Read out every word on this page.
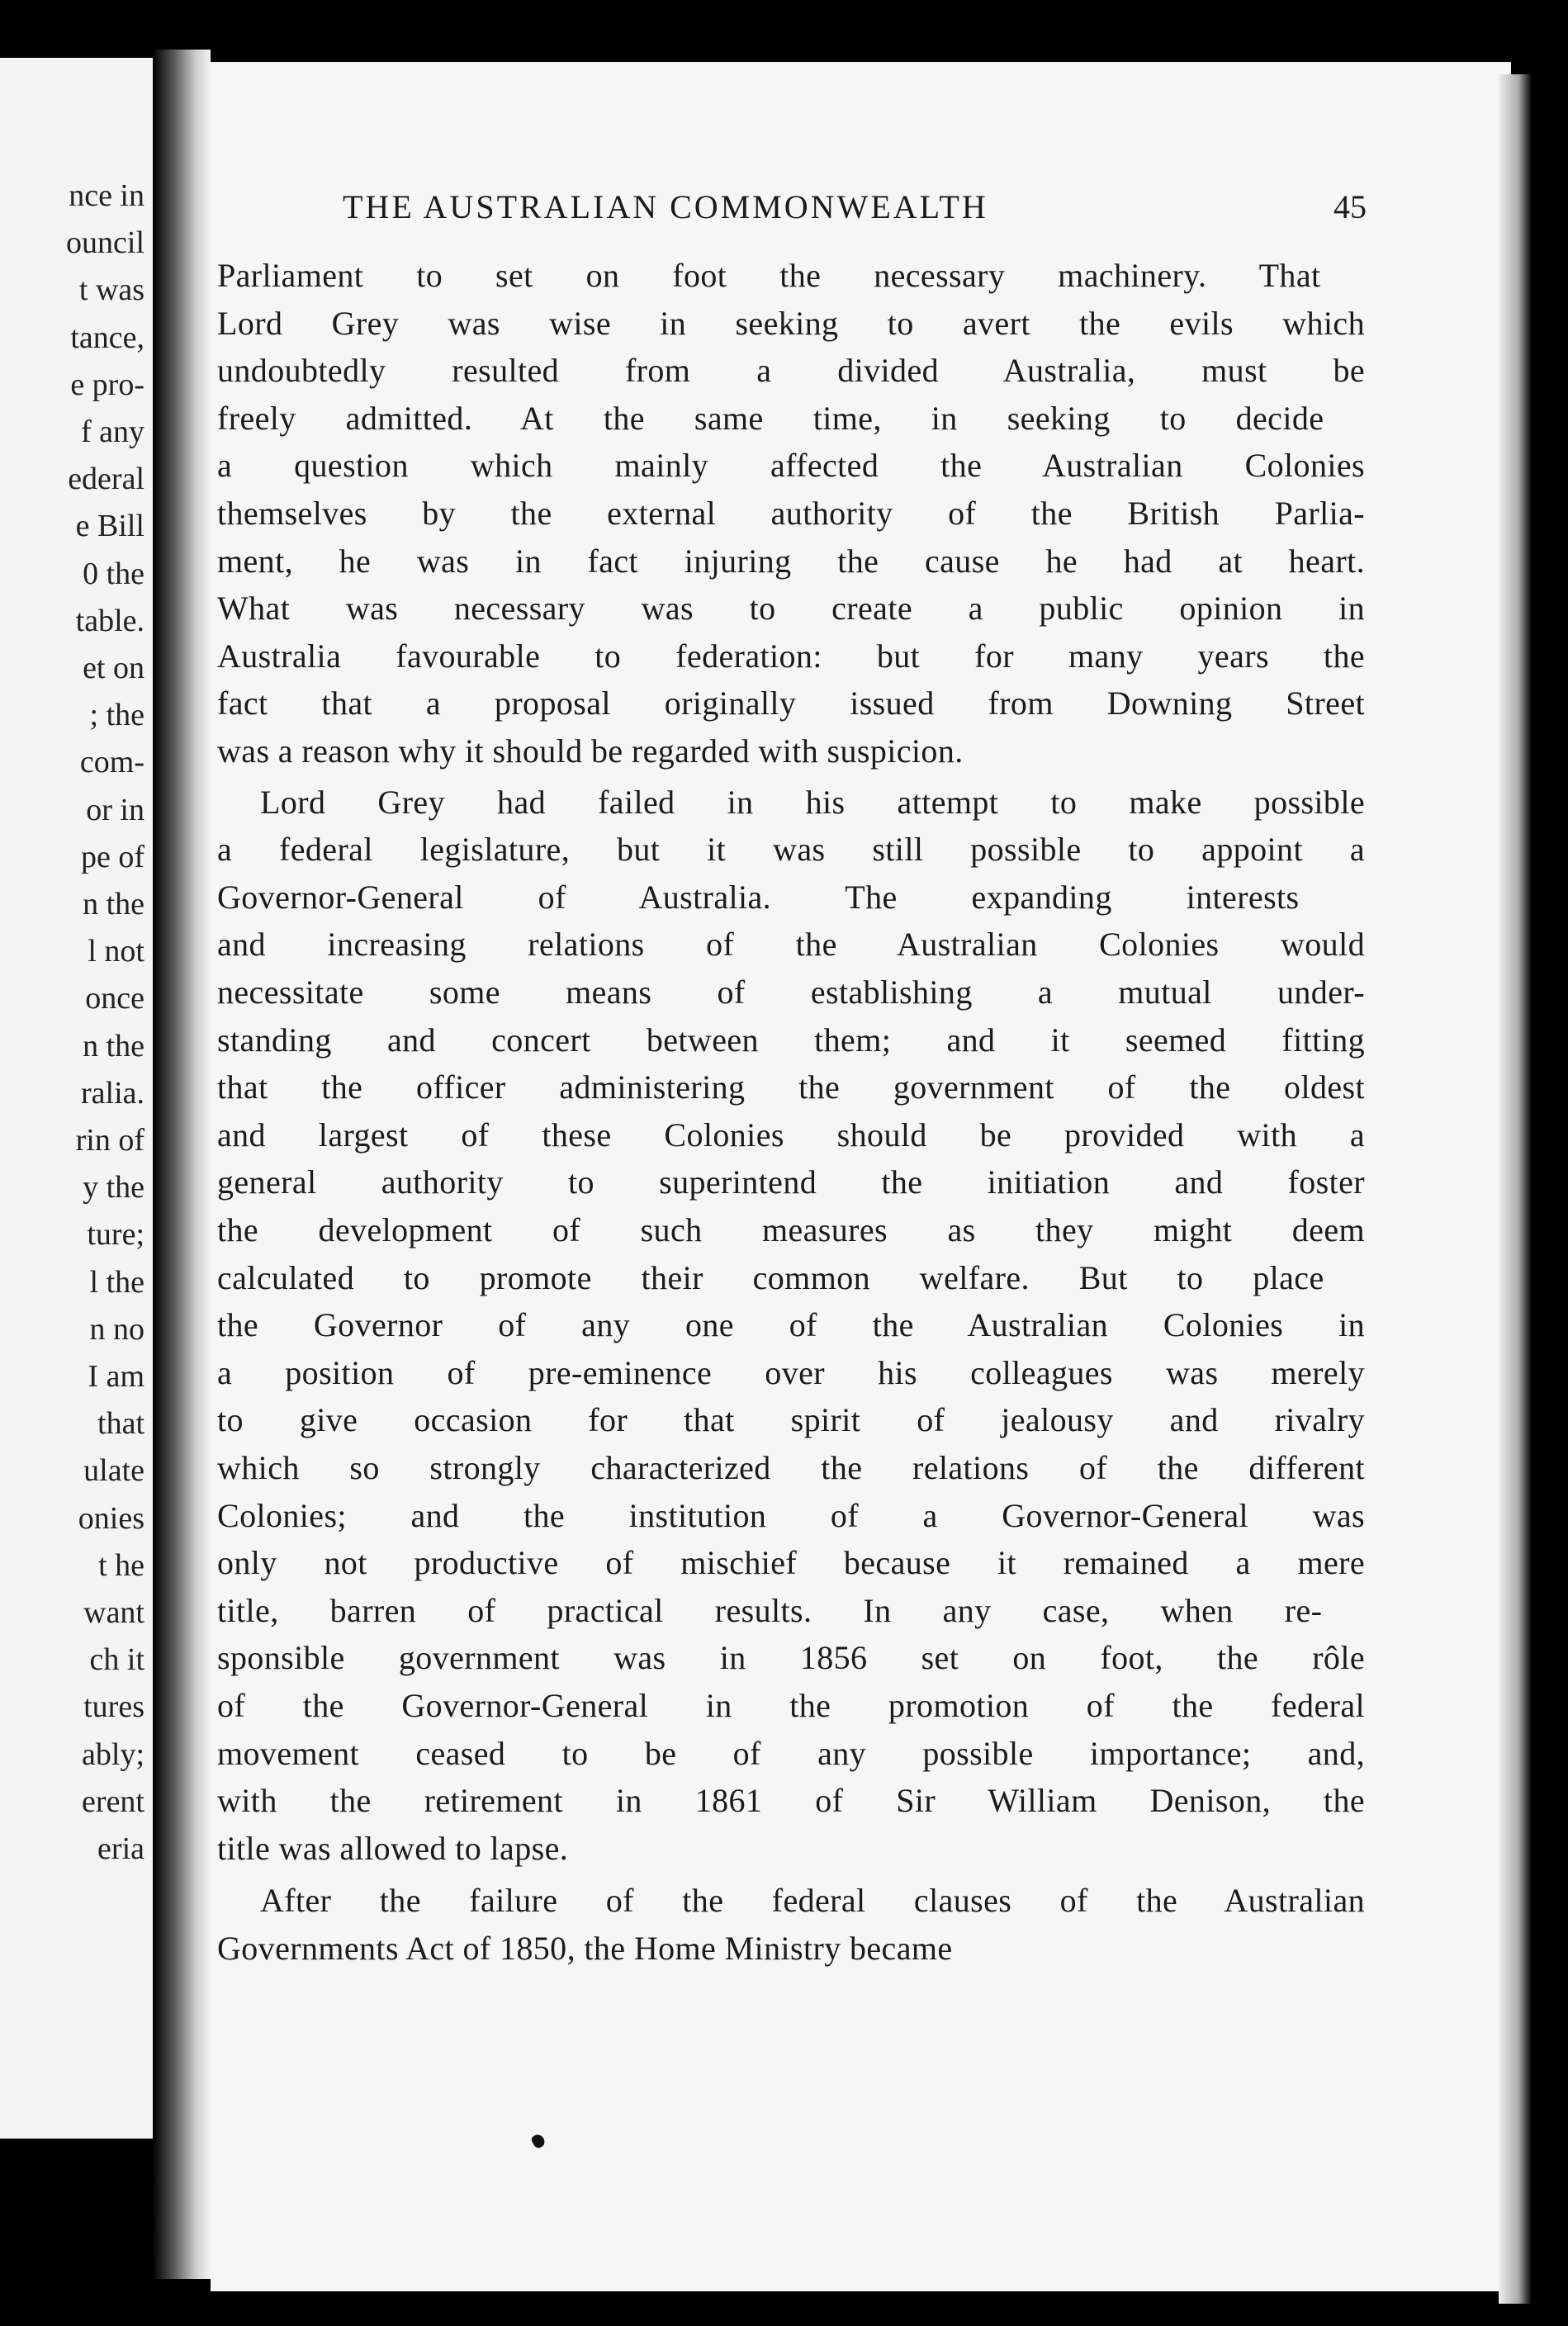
nce in
ouncil
t was
tance,
e pro-
f any
ederal
e Bill
0 the
table.
et on
; the
com-
or in
pe of
n the
l not
once
n the
ralia.
rin of
y the
ture;
l the
n no
I am
that
ulate
onies
t he
want
ch it
tures
ably;
erent
eria
THE AUSTRALIAN COMMONWEALTH	45
Parliament to set on foot the necessary machinery. That
Lord Grey was wise in seeking to avert the evils which
undoubtedly resulted from a divided Australia, must be
freely admitted. At the same time, in seeking to decide
a question which mainly affected the Australian Colonies
themselves by the external authority of the British Parlia-
ment, he was in fact injuring the cause he had at heart.
What was necessary was to create a public opinion in
Australia favourable to federation: but for many years the
fact that a proposal originally issued from Downing Street
was a reason why it should be regarded with suspicion.
Lord Grey had failed in his attempt to make possible
a federal legislature, but it was still possible to appoint a
Governor-General of Australia. The expanding interests
and increasing relations of the Australian Colonies would
necessitate some means of establishing a mutual under-
standing and concert between them; and it seemed fitting
that the officer administering the government of the oldest
and largest of these Colonies should be provided with a
general authority to superintend the initiation and foster
the development of such measures as they might deem
calculated to promote their common welfare. But to place
the Governor of any one of the Australian Colonies in
a position of pre-eminence over his colleagues was merely
to give occasion for that spirit of jealousy and rivalry
which so strongly characterized the relations of the different
Colonies; and the institution of a Governor-General was
only not productive of mischief because it remained a mere
title, barren of practical results. In any case, when re-
sponsible government was in 1856 set on foot, the rôle
of the Governor-General in the promotion of the federal
movement ceased to be of any possible importance; and,
with the retirement in 1861 of Sir William Denison, the
title was allowed to lapse.
After the failure of the federal clauses of the Australian
Governments Act of 1850, the Home Ministry became
